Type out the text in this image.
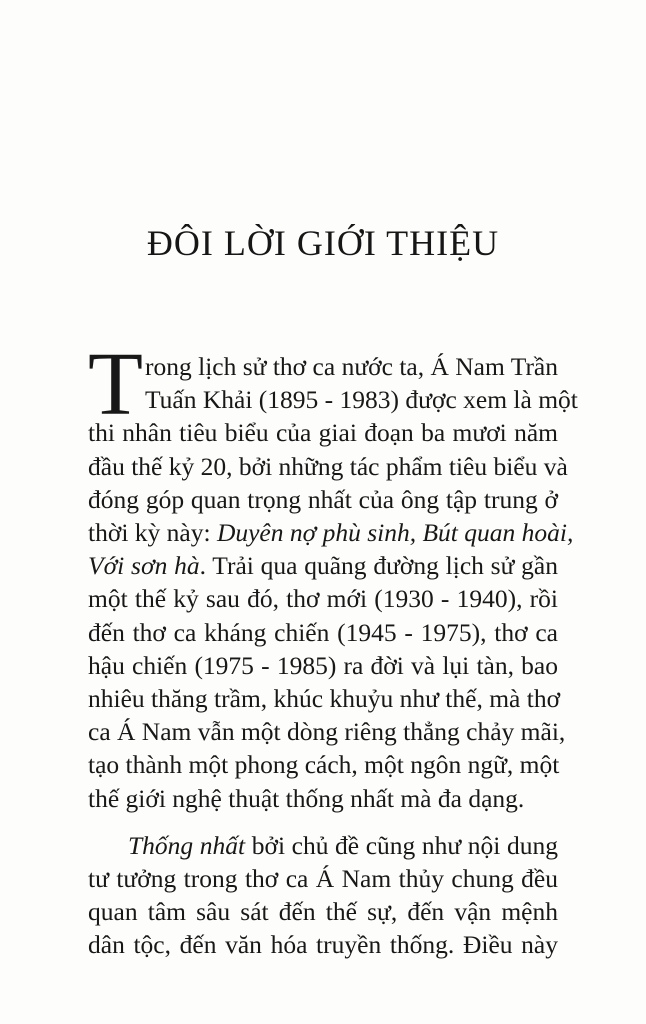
ĐÔI LỜI GIỚI THIỆU
T rong lịch sử thơ ca nước ta, Á Nam Trần
Tuấn Khải (1895 - 1983) được xem là một
thi nhân tiêu biểu của giai đoạn ba mươi năm
đầu thế kỷ 20, bởi những tác phẩm tiêu biểu và
đóng góp quan trọng nhất của ông tập trung ở
thời kỳ này: Duyên nợ phù sinh, Bút quan hoài,
Với sơn hà. Trải qua quãng đường lịch sử gần
một thế kỷ sau đó, thơ mới (1930 - 1940), rồi
đến thơ ca kháng chiến (1945 - 1975), thơ ca
hậu chiến (1975 - 1985) ra đời và lụi tàn, bao
nhiêu thăng trầm, khúc khuỷu như thế, mà thơ
ca Á Nam vẫn một dòng riêng thẳng chảy mãi,
tạo thành một phong cách, một ngôn ngữ, một
thế giới nghệ thuật thống nhất mà đa dạng.
Thống nhất bởi chủ đề cũng như nội dung
tư tưởng trong thơ ca Á Nam thủy chung đều
quan tâm sâu sát đến thế sự, đến vận mệnh
dân tộc, đến văn hóa truyền thống. Điều này
